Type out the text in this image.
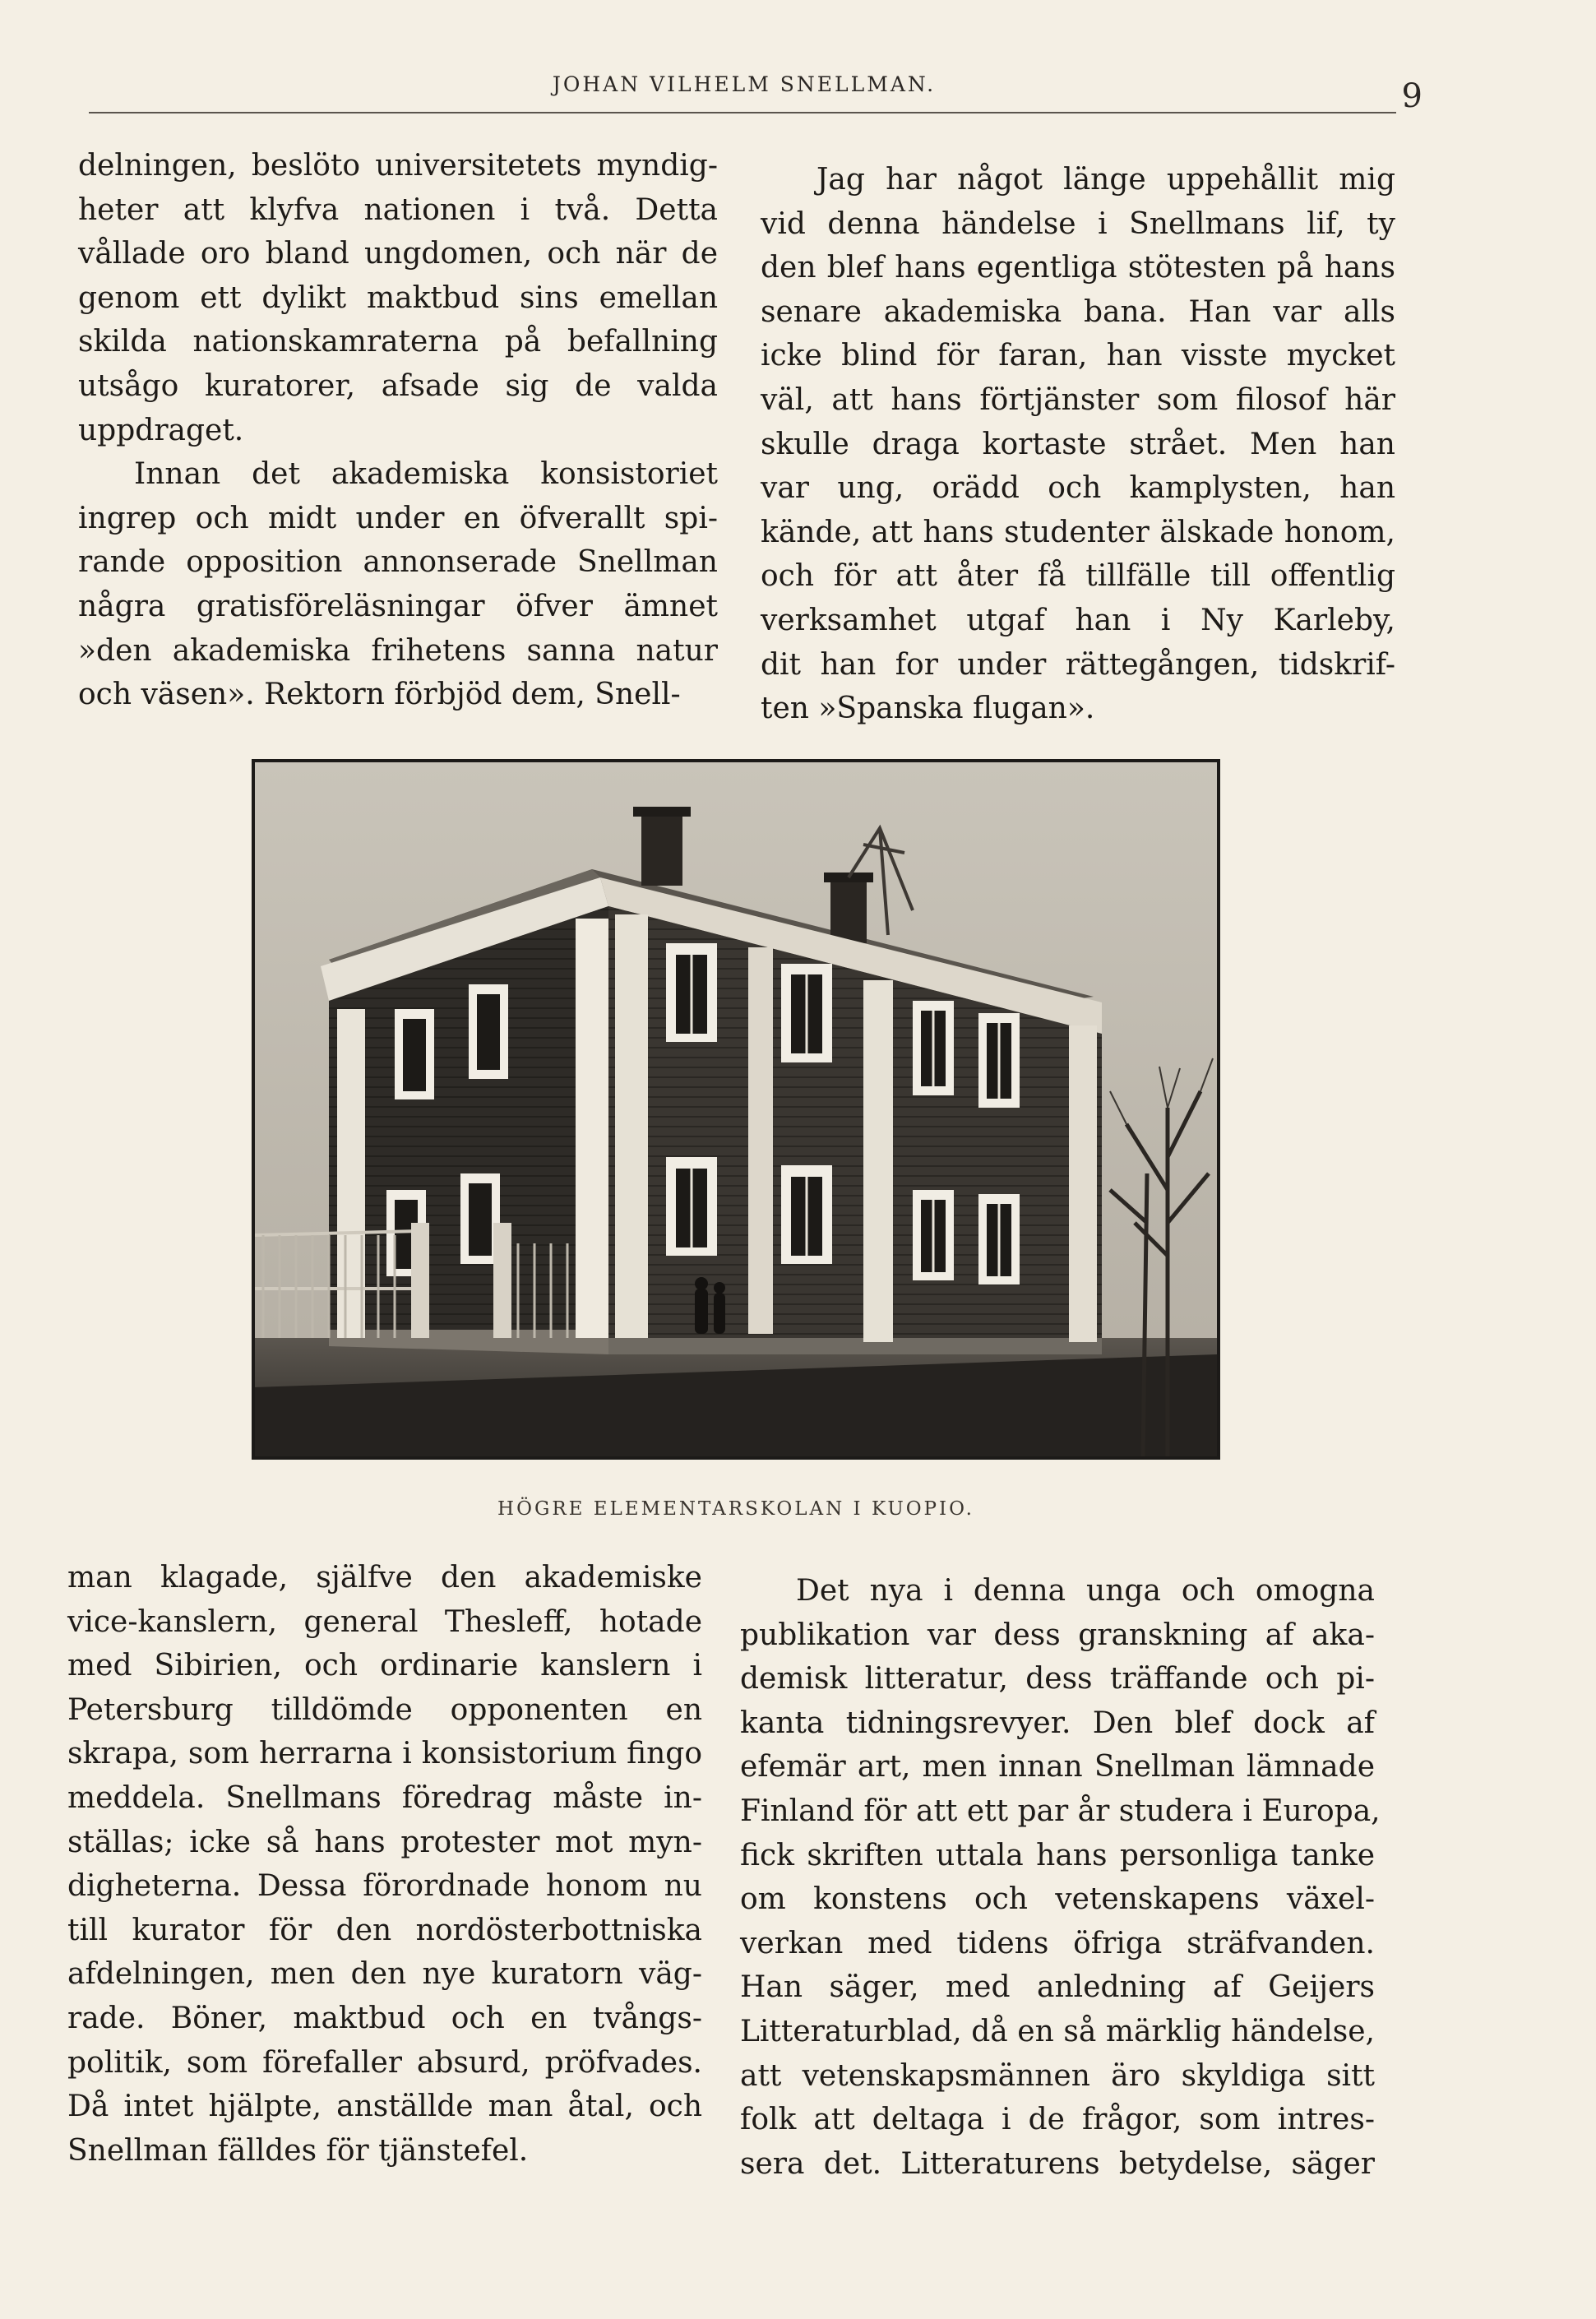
JOHAN VILHELM SNELLMAN.	9
delningen, beslöto universitetets myndig-
heter att klyfva nationen i två. Detta
vållade oro bland ungdomen, och när de
genom ett dylikt maktbud sins emellan
skilda nationskamraterna på befallning
utsågo kuratorer, afsade sig de valda
uppdraget.
Innan det akademiska konsistoriet
ingrep och midt under en öfverallt spi-
rande opposition annonserade Snellman
några gratisföreläsningar öfver ämnet
»den akademiska frihetens sanna natur
och väsen». Rektorn förbjöd dem, Snell-
Jag har något länge uppehållit mig
vid denna händelse i Snellmans lif, ty
den blef hans egentliga stötesten på hans
senare akademiska bana. Han var alls
icke blind för faran, han visste mycket
väl, att hans förtjänster som filosof här
skulle draga kortaste strået. Men han
var ung, orädd och kamplysten, han
kände, att hans studenter älskade honom,
och för att åter få tillfälle till offentlig
verksamhet utgaf han i Ny Karleby,
dit han for under rättegången, tidskrif-
ten »Spanska flugan».
HÖGRE ELEMENTARSKOLAN I KUOPIO.
man klagade, själfve den akademiske
vice-kanslern, general Thesleff, hotade
med Sibirien, och ordinarie kanslern i
Petersburg tilldömde opponenten en
skrapa, som herrarna i konsistorium fingo
meddela. Snellmans föredrag måste in-
ställas; icke så hans protester mot myn-
digheterna. Dessa förordnade honom nu
till kurator för den nordösterbottniska
afdelningen, men den nye kuratorn väg-
rade. Böner, maktbud och en tvångs-
politik, som förefaller absurd, pröfvades.
Då intet hjälpte, anställde man åtal, och
Snellman fälldes för tjänstefel.
Det nya i denna unga och omogna
publikation var dess granskning af aka-
demisk litteratur, dess träffande och pi-
kanta tidningsrevyer. Den blef dock af
efemär art, men innan Snellman lämnade
Finland för att ett par år studera i Europa,
fick skriften uttala hans personliga tanke
om konstens och vetenskapens växel-
verkan med tidens öfriga sträfvanden.
Han säger, med anledning af Geijers
Litteraturblad, då en så märklig händelse,
att vetenskapsmännen äro skyldiga sitt
folk att deltaga i de frågor, som intres-
sera det. Litteraturens betydelse, säger
